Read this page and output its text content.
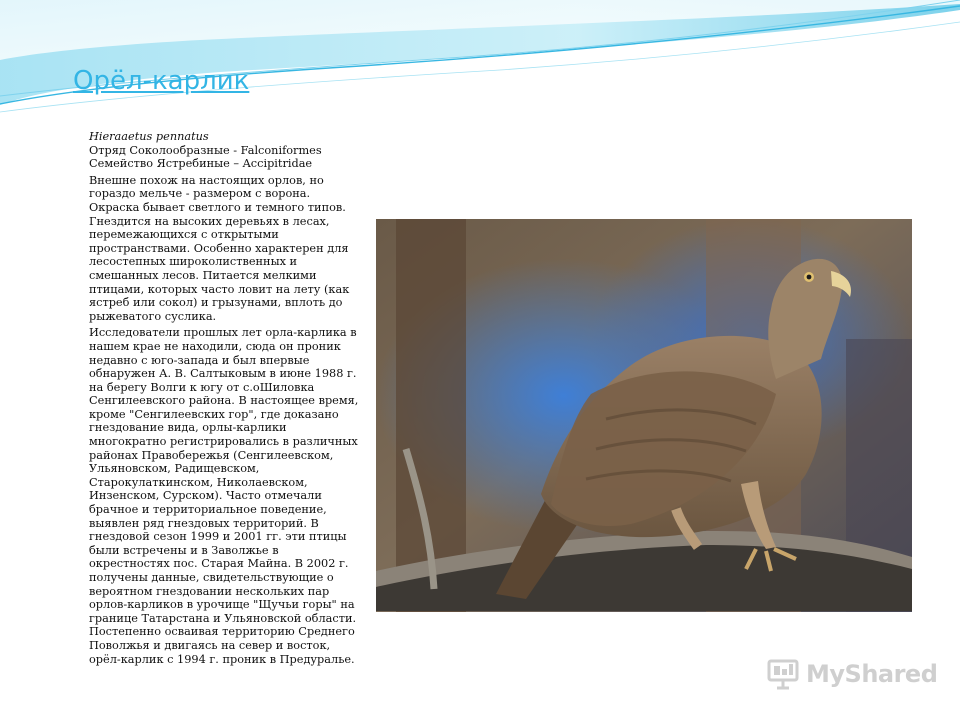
Орёл-карлик
Hieraaetus pennatus
Отряд Соколообразные - Falconiformes

Семейство Ястребиные – Accipitridae

Внешне похож на настоящих орлов, но гораздо мельче - размером с ворона. Окраска бывает светлого и темного типов. Гнездится на высоких деревьях в лесах, перемежающихся с открытыми пространствами. Особенно характерен для лесостепных широколиственных и смешанных лесов. Питается мелкими птицами, которых часто ловит на лету (как ястреб или сокол) и грызунами, вплоть до рыжеватого суслика.

Исследователи прошлых лет орла-карлика в нашем крае не находили, сюда он проник недавно с юго-запада и был впервые обнаружен А. В. Салтыковым в июне 1988 г. на берегу Волги к югу от с.оШиловка Сенгилеевского района. В настоящее время, кроме "Сенгилеевских гор", где доказано гнездование вида, орлы-карлики многократно регистрировались в различных районах Правобережья (Сенгилеевском, Ульяновском, Радищевском, Старокулаткинском, Николаевском, Инзенском, Сурском). Часто отмечали брачное и территориальное поведение, выявлен ряд гнездовых территорий. В гнездовой сезон 1999 и 2001 гг. эти птицы были встречены и в Заволжье в окрестностях пос. Старая Майна. В 2002 г. получены данные, свидетельствующие о вероятном гнездовании нескольких пар орлов-карликов в урочище "Щучьи горы" на границе Татарстана и Ульяновской области. Постепенно осваивая территорию Среднего Поволжья и двигаясь на север и восток, орёл-карлик с 1994 г. проник в Предуралье.

MyShared
